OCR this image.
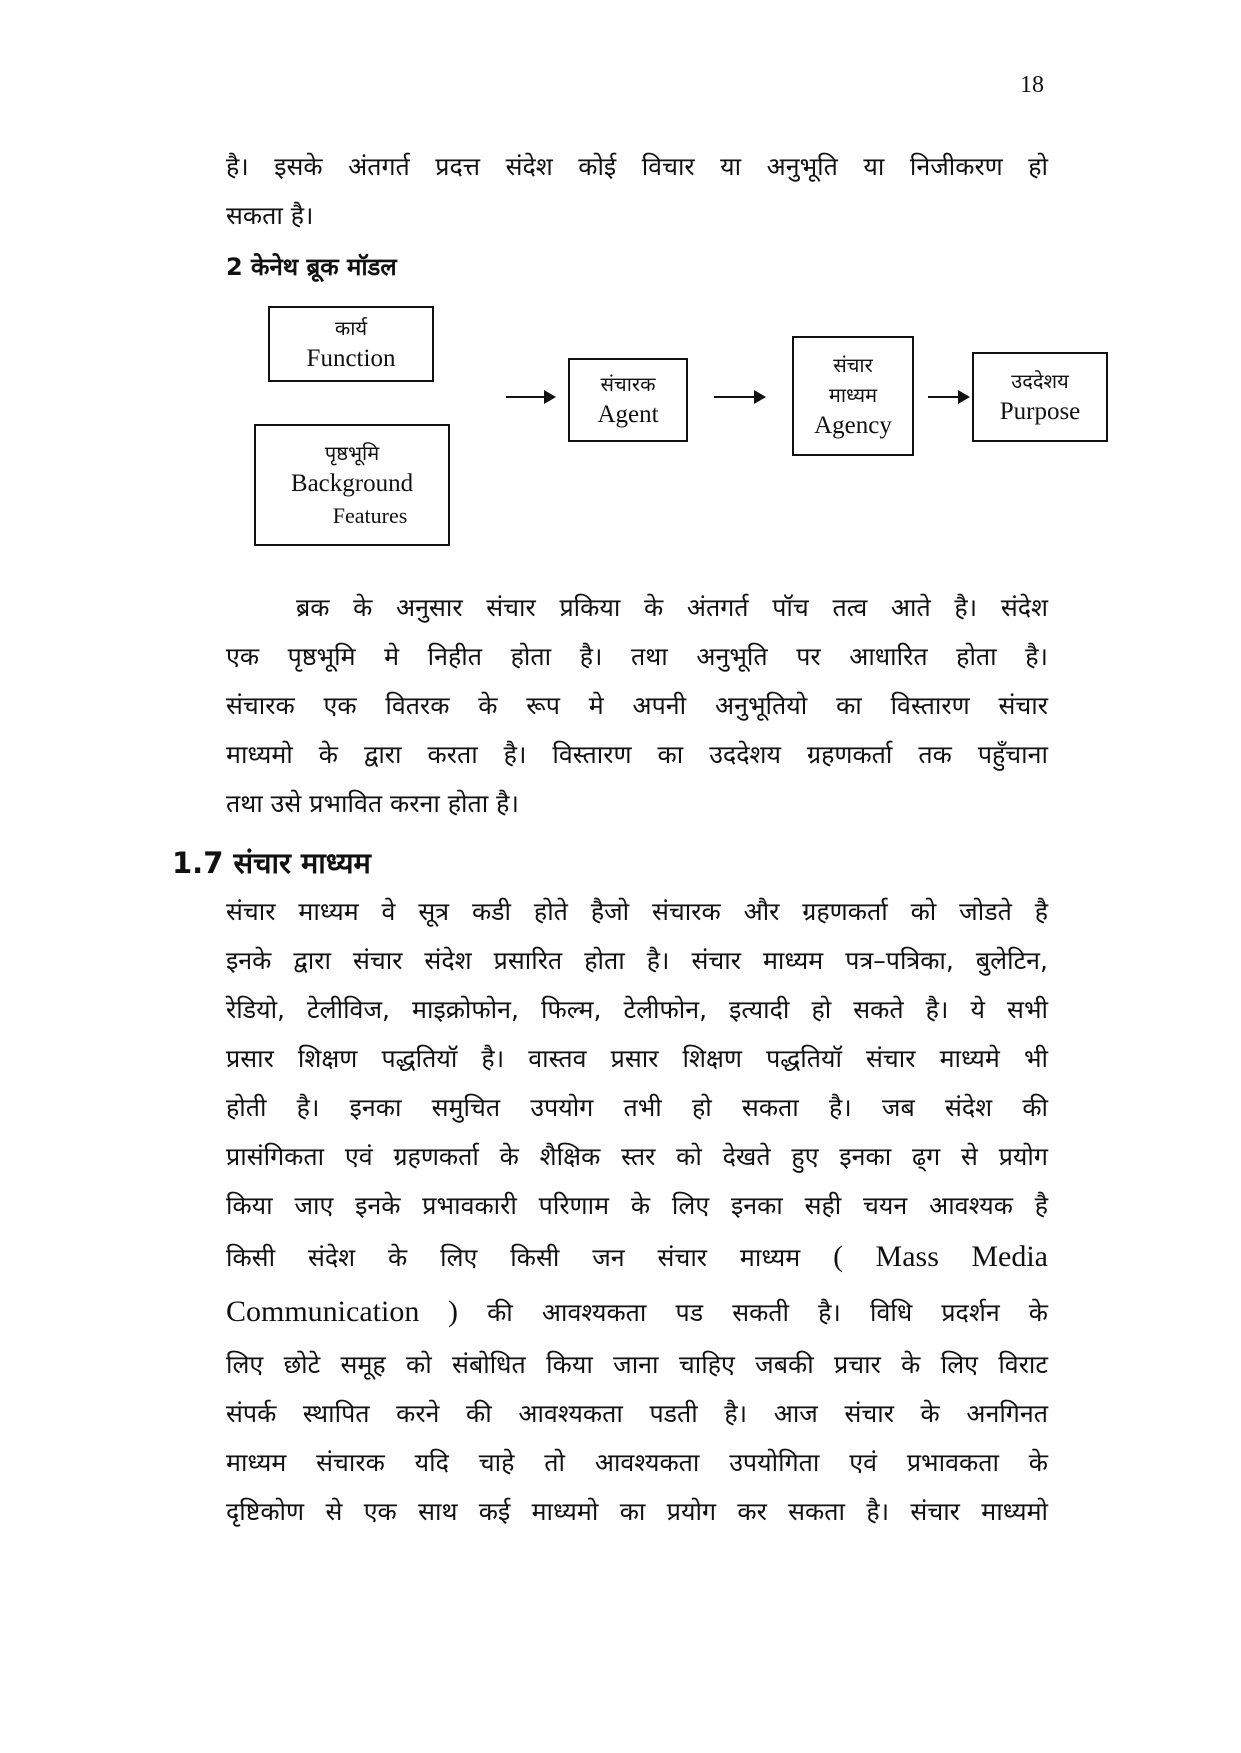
18
है। इसके अंतगर्त प्रदत्त संदेश कोई विचार या अनुभूति या निजीकरण हो
सकता है।
2 केनेथ ब्रूक मॉडल
कार्य
Function
पृष्ठभूमि
Background
Features
संचारक
Agent
संचार
माध्यम
Agency
उददेशय
Purpose
ब्रक के अनुसार संचार प्रकिया के अंतगर्त पॉच तत्व आते है। संदेश
एक पृष्ठभूमि मे निहीत होता है। तथा अनुभूति पर आधारित होता है।
संचारक एक वितरक के रूप मे अपनी अनुभूतियो का विस्तारण संचार
माध्यमो के द्वारा करता है। विस्तारण का उददेशय ग्रहणकर्ता तक पहुँचाना
तथा उसे प्रभावित करना होता है।
1.7 संचार माध्यम
संचार माध्यम वे सूत्र कडी होते हैजो संचारक और ग्रहणकर्ता को जोडते है
इनके द्वारा संचार संदेश प्रसारित होता है। संचार माध्यम पत्र–पत्रिका, बुलेटिन,
रेडियो, टेलीविज, माइक्रोफोन, फिल्म, टेलीफोन, इत्यादी हो सकते है। ये सभी
प्रसार शिक्षण पद्धतियॉ है। वास्तव प्रसार शिक्षण पद्धतियॉ संचार माध्यमे भी
होती है। इनका समुचित उपयोग तभी हो सकता है। जब संदेश की
प्रासंगिकता एवं ग्रहणकर्ता के शैक्षिक स्तर को देखते हुए इनका ढ्ग से प्रयोग
किया जाए इनके प्रभावकारी परिणाम के लिए इनका सही चयन आवश्यक है
किसी संदेश के लिए किसी जन संचार माध्यम ( Mass Media
Communication ) की आवश्यकता पड सकती है। विधि प्रदर्शन के
लिए छोटे समूह को संबोधित किया जाना चाहिए जबकी प्रचार के लिए विराट
संपर्क स्थापित करने की आवश्यकता पडती है। आज संचार के अनगिनत
माध्यम संचारक यदि चाहे तो आवश्यकता उपयोगिता एवं प्रभावकता के
दृष्टिकोण से एक साथ कई माध्यमो का प्रयोग कर सकता है। संचार माध्यमो
